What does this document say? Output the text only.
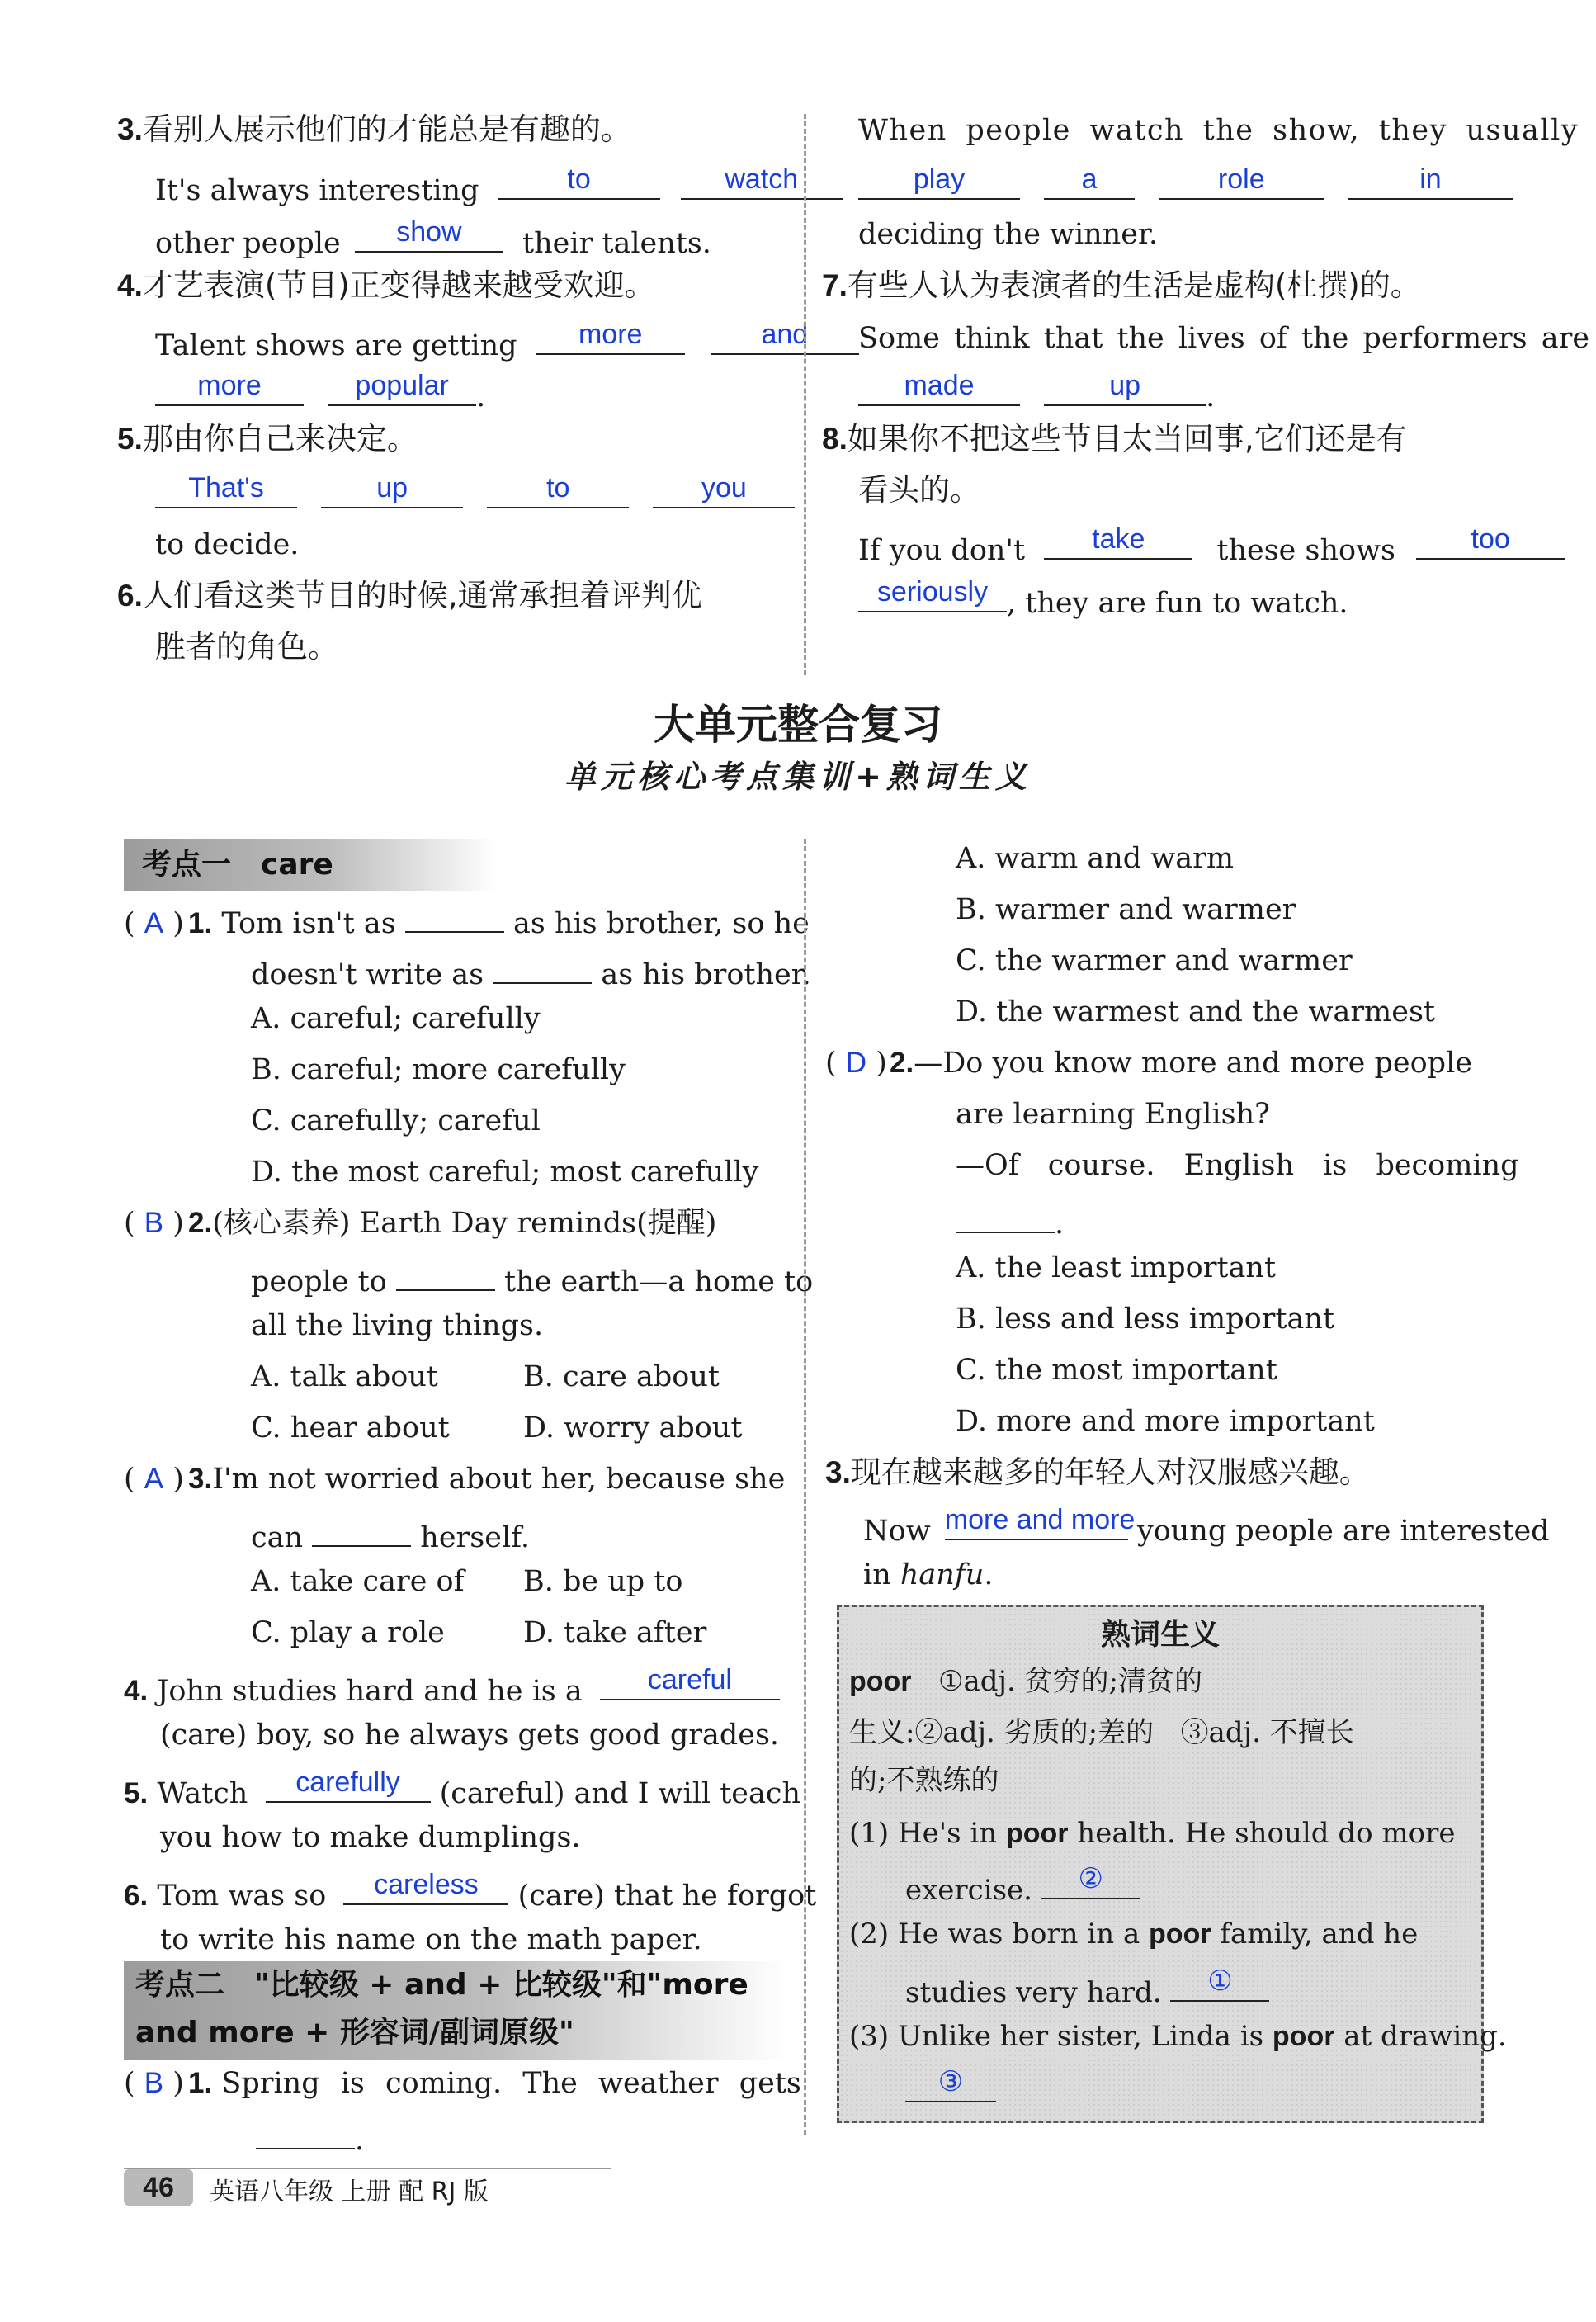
3.看别人展示他们的才能总是有趣的。
It's always interesting	to
	watch
other people	show	their talents.
4.才艺表演(节目)正变得越来越受欢迎。
Talent shows are getting	more
	and
more
	popular .
5.那由你自己来决定。
That's
	up
	to
	you
to decide.
6.人们看这类节目的时候,通常承担着评判优
胜者的角色。
When people watch the show, they usually
play
	a
	role
	in
deciding the winner.
7.有些人认为表演者的生活是虚构(杜撰)的。
Some think that the lives of the performers are
made
	up	.
8.如果你不把这些节目太当回事,它们还是有
看头的。
If you don't	take	these shows	too
seriously , they are fun to watch.
大单元整合复习
单元核心考点集训+熟词生义
考点一　care
( A ) 1. Tom isn't as	as his brother, so he
doesn't write as	as his brother.
A. careful; carefully
B. careful; more carefully
C. carefully; careful
D. the most careful; most carefully
( B ) 2.(核心素养) Earth Day reminds(提醒)
people to	the earth—a home to
all the living things.
A. talk about	B. care about
C. hear about	D. worry about
( A ) 3.I'm not worried about her, because she
can	herself.
A. take care of B. be up to
C. play a role	D. take after
4. John studies hard and he is a	careful
(care) boy, so he always gets good grades.
5. Watch	carefully	(careful) and I will teach
you how to make dumplings.
6. Tom was so	careless	(care) that he forgot
to write his name on the math paper.
考点二　"比较级 + and + 比较级"和"more
and more + 形容词/副词原级"
( B ) 1. Spring is coming. The weather gets
.
A. warm and warm
B. warmer and warmer
C. the warmer and warmer
D. the warmest and the warmest
( D )2.—Do you know more and more people
are learning English?
—Of course. English is becoming
.
A. the least important
B. less and less important
C. the most important
D. more and more important
3.现在越来越多的年轻人对汉服感兴趣。
Now more and more young people are interested
in hanfu.
熟词生义
poor ①adj. 贫穷的;清贫的
生义:②adj. 劣质的;差的 ③adj. 不擅长
的;不熟练的
(1) He's in poor health. He should do more
exercise.	②
(2) He was born in a poor family, and he
studies very hard.	①
(3) Unlike her sister, Linda is poor at drawing.
③
46	英语八年级 上册 配 RJ 版
